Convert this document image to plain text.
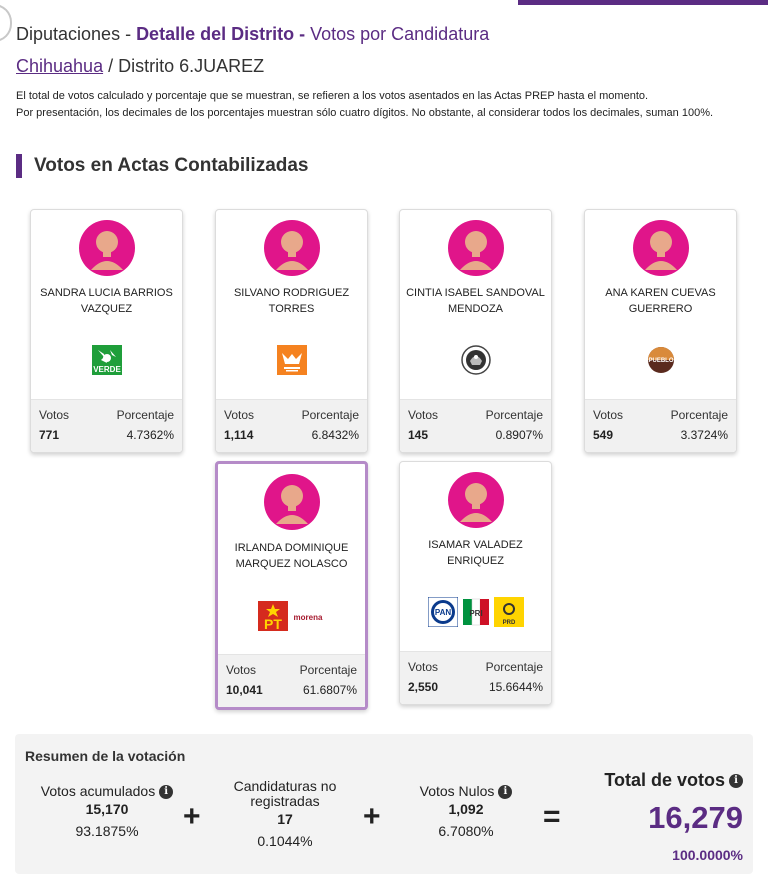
Diputaciones - Detalle del Distrito - Votos por Candidatura
Chihuahua / Distrito 6.JUAREZ
El total de votos calculado y porcentaje que se muestran, se refieren a los votos asentados en las Actas PREP hasta el momento.
Por presentación, los decimales de los porcentajes muestran sólo cuatro dígitos. No obstante, al considerar todos los decimales, suman 100%.
Votos en Actas Contabilizadas
SANDRA LUCIA BARRIOS VAZQUEZ
VERDE
Votos	Porcentaje
771	4.7362%
SILVANO RODRIGUEZ TORRES
Votos	Porcentaje
1,114	6.8432%
CINTIA ISABEL SANDOVAL MENDOZA
Votos	Porcentaje
145	0.8907%
ANA KAREN CUEVAS GUERRERO
PUEBLO
Votos	Porcentaje
549	3.3724%
IRLANDA DOMINIQUE MARQUEZ NOLASCO
PT morena
Votos	Porcentaje
10,041	61.6807%
ISAMAR VALADEZ ENRIQUEZ
PAN PRI
PRD
Votos	Porcentaje
2,550	15.6644%
Resumen de la votación
Votos acumulados i
15,170
93.1875%	+
Candidaturas no registradas
17
0.1044%
+
Votos Nulos i
1,092
6.7080%	=
Total de votos i
16,279
100.0000%
